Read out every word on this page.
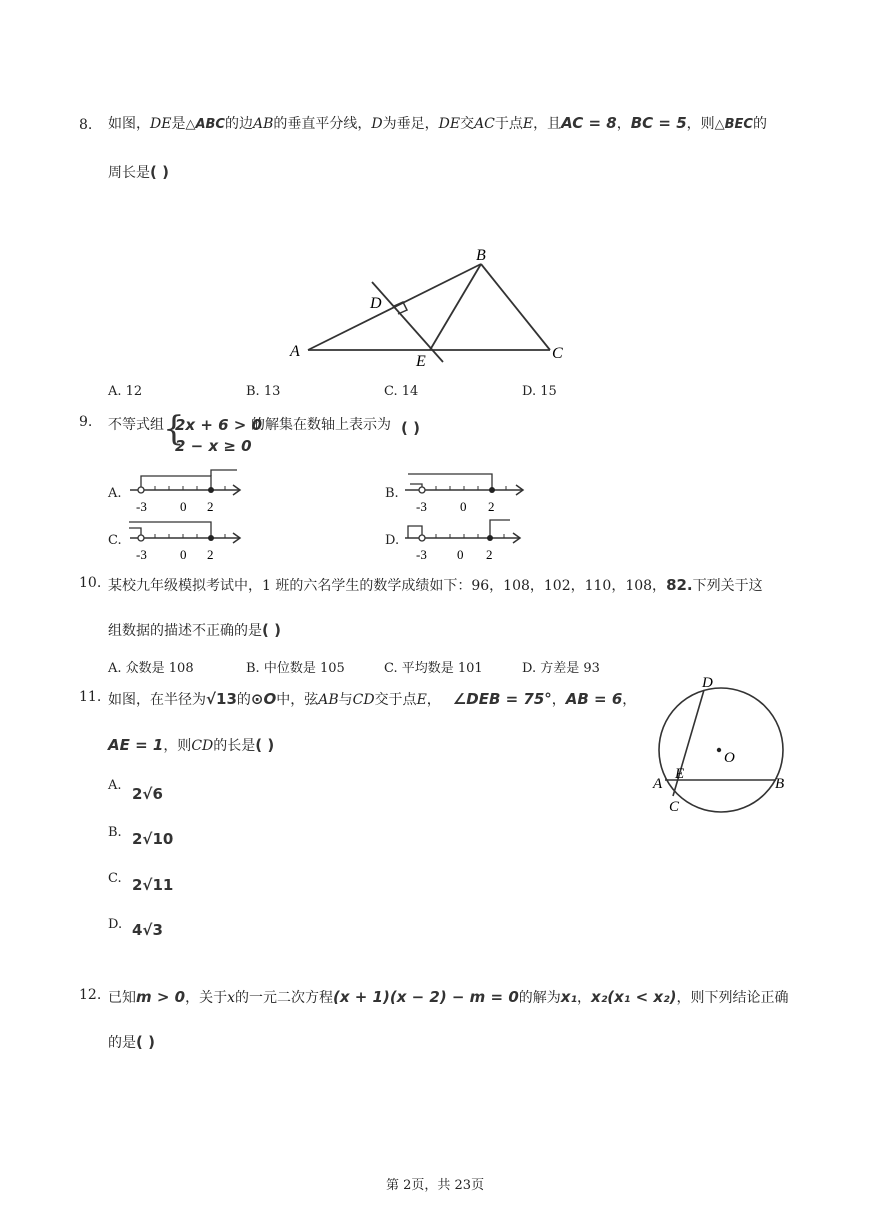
8. 如图，DE是△ABC的边AB的垂直平分线，D为垂足，DE交AC于点E，且AC = 8，BC = 5，则△BEC的
周长是( )
A
B
C
D
E
A. 12	B. 13	C. 14	D. 15
9. 不等式组 {
2x + 6 > 0
2 − x ≥ 0
的解集在数轴上表示为 ( )
A.
-3	0 2
B.
-3	0 2
C.
-3	0 2
D.
-3 0 2
10. 某校九年级模拟考试中，1 班的六名学生的数学成绩如下：96，108，102，110，108，82.下列关于这
组数据的描述不正确的是( )
A. 众数是 108	B. 中位数是 105	C. 平均数是 101	D. 方差是 93
11. 如图，在半径为√13的⊙O中，弦AB与CD交于点E， ∠DEB = 75°，AB = 6，
AE = 1，则CD的长是( )
A. 2√6
B. 2√10
C. 2√11
D. 4√3
O
D
A	B
C
E
12. 已知m > 0，关于x的一元二次方程(x + 1)(x − 2) − m = 0的解为x₁，x₂(x₁ < x₂)，则下列结论正确
的是( )
第 2页，共 23页
